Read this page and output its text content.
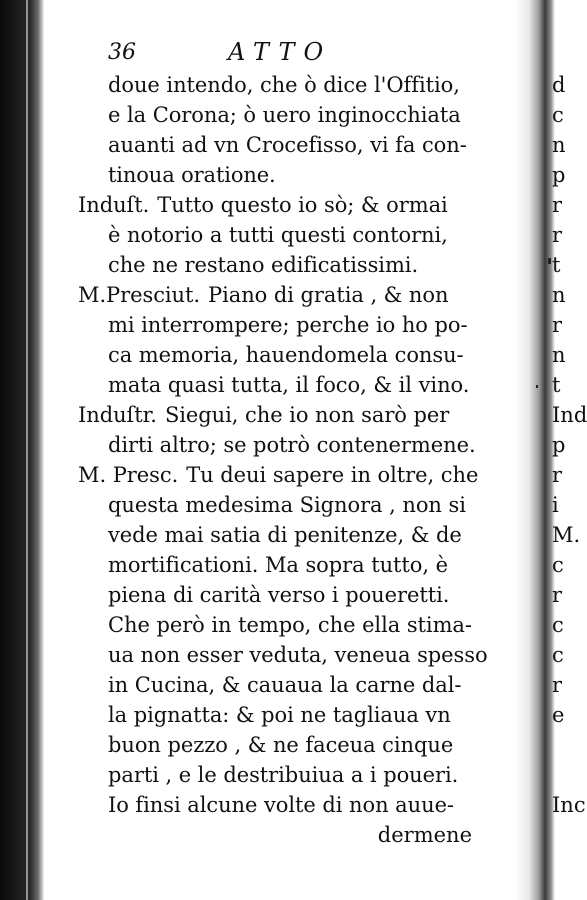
36	ATTO
doue intendo, che ò dice l'Offitio,
e la Corona; ò uero inginocchiata
auanti ad vn Crocefisso, vi fa con-
tinoua oratione.
Induſt. Tutto questo io sò; & ormai
è notorio a tutti questi contorni,
che ne restano edificatissimi.
M.Presciut. Piano di gratia , & non
mi interrompere; perche io ho po-
ca memoria, hauendomela consu-
mata quasi tutta, il foco, & il vino.
Induſtr. Siegui, che io non sarò per
dirti altro; se potrò contenermene.
M. Presc. Tu deui sapere in oltre, che
questa medesima Signora , non si
vede mai satia di penitenze, & de
mortificationi. Ma sopra tutto, è
piena di carità verso i poueretti.
Che però in tempo, che ella stima-
ua non esser veduta, veneua spesso
in Cucina, & cauaua la carne dal-
la pignatta: & poi ne tagliaua vn
buon pezzo , & ne faceua cinque
parti , e le destribuiua a i poueri.
Io finsi alcune volte di non auue-
dermene
d
c
n
p
r
r
t
n
r
n
t
Ind
p
r
i
M.
c
r
c
c
r
e
Inc
